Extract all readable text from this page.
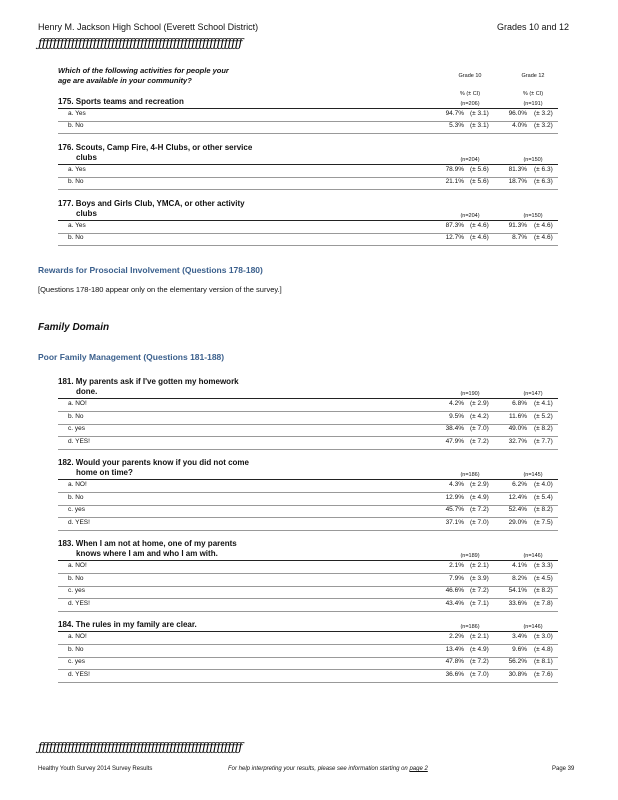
Henry M. Jackson High School (Everett School District)	Grades 10 and 12
ƒƒƒƒƒƒƒƒƒƒƒƒƒƒƒƒƒƒƒƒƒƒƒƒƒƒƒƒƒƒƒƒƒƒƒƒƒƒƒƒƒƒƒƒƒƒƒƒƒƒƒƒƒƒƒƒ
Which of the following activities for people your
age are available in your community?	Grade 10	Grade 12
% (± CI)	% (± CI)
175. Sports teams and recreation	(n=206)	(n=191)
a. Yes	94.7% (± 3.1)	96.0% (± 3.2)
b. No	5.3% (± 3.1)	4.0% (± 3.2)
176. Scouts, Camp Fire, 4-H Clubs, or other service
clubs	(n=204)	(n=150)
a. Yes	78.9% (± 5.6)	81.3% (± 6.3)
b. No	21.1% (± 5.6)	18.7% (± 6.3)
177. Boys and Girls Club, YMCA, or other activity
clubs	(n=204)	(n=150)
a. Yes	87.3% (± 4.6)	91.3% (± 4.6)
b. No	12.7% (± 4.6)	8.7% (± 4.6)
Rewards for Prosocial Involvement (Questions 178-180)
[Questions 178-180 appear only on the elementary version of the survey.]
Family Domain
Poor Family Management (Questions 181-188)
181. My parents ask if I've gotten my homework
done.	(n=190)	(n=147)
a. NO!	4.2% (± 2.9)	6.8% (± 4.1)
b. No	9.5% (± 4.2)	11.6% (± 5.2)
c. yes	38.4% (± 7.0)	49.0% (± 8.2)
d. YES!	47.9% (± 7.2)	32.7% (± 7.7)
182. Would your parents know if you did not come
home on time?	(n=186)	(n=145)
a. NO!	4.3% (± 2.9)	6.2% (± 4.0)
b. No	12.9% (± 4.9)	12.4% (± 5.4)
c. yes	45.7% (± 7.2)	52.4% (± 8.2)
d. YES!	37.1% (± 7.0)	29.0% (± 7.5)
183. When I am not at home, one of my parents
knows where I am and who I am with.	(n=189)	(n=146)
a. NO!	2.1% (± 2.1)	4.1% (± 3.3)
b. No	7.9% (± 3.9)	8.2% (± 4.5)
c. yes	46.6% (± 7.2)	54.1% (± 8.2)
d. YES!	43.4% (± 7.1)	33.6% (± 7.8)
184. The rules in my family are clear.	(n=186)	(n=146)
a. NO!	2.2% (± 2.1)	3.4% (± 3.0)
b. No	13.4% (± 4.9)	9.6% (± 4.8)
c. yes	47.8% (± 7.2)	56.2% (± 8.1)
d. YES!	36.6% (± 7.0)	30.8% (± 7.6)
ƒƒƒƒƒƒƒƒƒƒƒƒƒƒƒƒƒƒƒƒƒƒƒƒƒƒƒƒƒƒƒƒƒƒƒƒƒƒƒƒƒƒƒƒƒƒƒƒƒƒƒƒƒƒƒƒ
Healthy Youth Survey 2014 Survey Results	For help interpreting your results, please see information starting on page 2	Page 39
